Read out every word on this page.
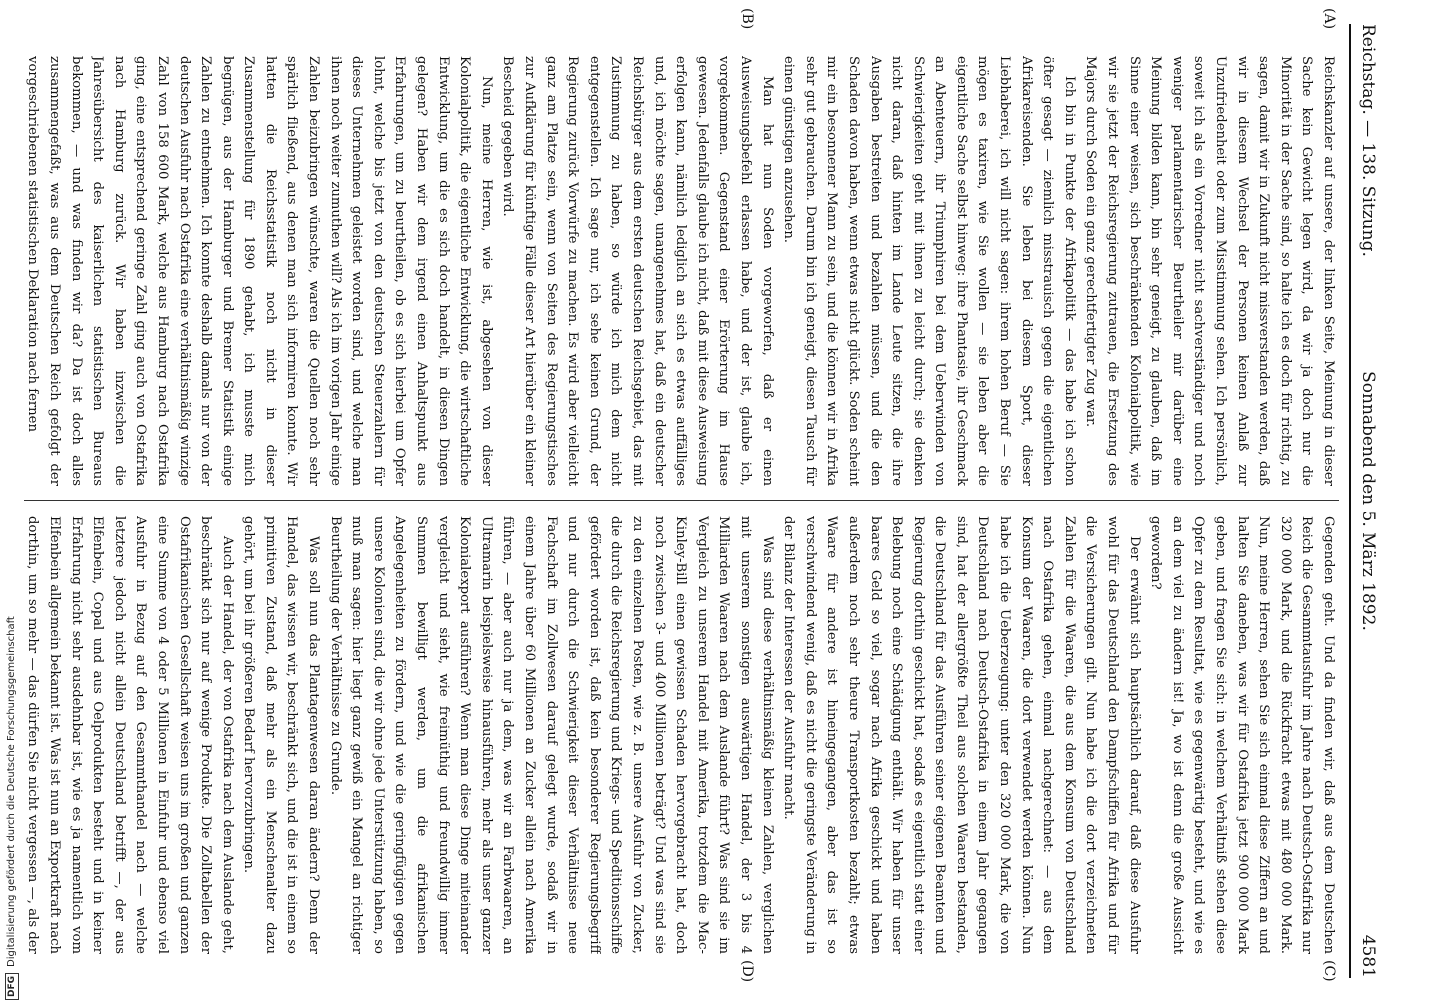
Reichstag. — 138. Sitzung.
Sonnabend den 5. März 1892.
4581
(A)
(B)
(C)
(D)

Reichskanzler auf unsere, der linken Seite, Meinung in dieser Sache kein Gewicht legen wird, da wir ja doch nur die Minorität in der Sache sind, so halte ich es doch für richtig, zu sagen, damit wir in Zukunft nicht missverstanden werden, daß wir in diesem Wechsel der Personen keinen Anlaß zur Unzufriedenheit oder zum Misstimmung sehen. Ich persönlich, soweit ich als ein Vorredner nicht sachverständiger und noch weniger parlamentarischer Beurtheiler mir darüber eine Meinung bilden kann, bin sehr geneigt, zu glauben, daß im Sinne einer weisen, sich beschränkenden Kolonialpolitik, wie wir sie jetzt der Reichsregierung zutrauen, die Ersetzung des Majors durch Soden ein ganz gerechtfertigter Zug war.

Ich bin in Punkte der Afrikapolitik — das habe ich schon öfter gesagt — ziemlich misstrauisch gegen die eigentlichen Afrikareisenden. Sie leben bei diesem Sport, dieser Liebhaberei, ich will nicht sagen: ihrem hohen Beruf — Sie mögen es taxiren, wie Sie wollen — sie leben aber die eigentliche Sache selbst hinweg: ihre Phantasie, ihr Geschmack an Abenteuern, ihr Triumphiren bei dem Ueberwinden von Schwierigkeiten geht mit ihnen zu leicht durch; sie denken nicht daran, daß hinten im Lande Leute sitzen, die ihre Ausgaben bestreiten und bezahlen müssen, und die den Schaden davon haben, wenn etwas nicht glückt. Soden scheint mir ein besonnener Mann zu sein, und die können wir in Afrika sehr gut gebrauchen. Darum bin ich geneigt, diesen Tausch für einen günstigen anzusehen.

Man hat nun Soden vorgeworfen, daß er einen Ausweisungsbefehl erlassen habe, und der ist, glaube ich, vorgekommen. Gegenstand einer Erörterung im Hause gewesen. Jedenfalls glaube ich nicht, daß mit diese Ausweisung erfolgen kann, nämlich lediglich an sich es etwas auffälliges und, ich möchte sagen, unangenehmes hat, daß ein deutscher Reichsbürger aus dem ersten deutschen Reichsgebiet, das mit Zustimmung zu haben, so würde ich mich dem nicht entgegenstellen. Ich sage nur, ich sehe keinen Grund, der Regierung zurück Vorwürfe zu machen. Es wird aber vielleicht ganz am Platze sein, wenn von Seiten des Regierungstisches zur Aufklärung für künftige Fälle dieser Art hierüber ein kleiner Bescheid gegeben wird.

Nun, meine Herren, wie ist, abgesehen von dieser Kolonialpolitik, die eigentliche Entwicklung, die wirtschaftliche Entwicklung, um die es sich doch handelt, in diesen Dingen gelegen? Haben wir dem irgend einen Anhaltspunkt aus Erfahrungen, um zu beurtheilen, ob es sich hierbei um Opfer lohnt, welche bis jetzt von den deutschen Steuerzahlern für dieses Unternehmen geleistet worden sind, und welche man ihnen noch weiter zumuthen will? Als ich im vorigen Jahr einige Zahlen beizubringen wünschte, waren die Quellen noch sehr spärlich fließend, aus denen man sich informiren konnte. Wir hatten die Reichsstatistik noch nicht in dieser Zusammenstellung für 1890 gehabt, ich musste mich begnügen, aus der Hamburger und Bremer Statistik einige Zahlen zu entnehmen. Ich konnte deshalb damals nur von der deutschen Ausfuhr nach Ostafrika eine verhältnismäßig winzige Zahl von 158 600 Mark, welche aus Hamburg nach Ostafrika ging, eine entsprechend geringe Zahl ging auch von Ostafrika nach Hamburg zurück. Wir haben inzwischen die Jahresübersicht des kaiserlichen statistischen Bureaus bekommen, — und was finden wir da? Da ist doch alles zusammengefaßt, was aus dem Deutschen Reich gefolgt der vorgeschriebenen statistischen Deklaration nach fernen

Gegenden geht. Und da finden wir, daß aus dem Deutschen Reich die Gesammtausfuhr im Jahre nach Deutsch-Ostafrika nur 320 000 Mark, und die Rückfracht etwas mit 480 000 Mark. Nun, meine Herren, sehen Sie sich einmal diese Ziffern an und halten Sie daneben, was wir für Ostafrika jetzt 900 000 Mark geben, und fragen Sie sich: in welchem Verhältniß stehen diese Opfer zu dem Resultat, wie es gegenwärtig besteht, und wie es an dem viel zu ändern ist! Ja, wo ist denn die große Aussicht geworden?

Der erwähnt sich hauptsächlich darauf, daß diese Ausfuhr wohl für das Deutschland den Dampfschiffen für Afrika und für die Versicherungen gilt. Nun habe ich die dort verzeichneten Zahlen für die Waaren, die aus dem Konsum von Deutschland nach Ostafrika gehen, einmal nachgerechnet: — aus dem Konsum der Waaren, die dort verwendet werden können. Nun habe ich die Ueberzeugung: unter den 320 000 Mark, die von Deutschland nach Deutsch-Ostafrika in einem Jahr gegangen sind, hat der allergrößte Theil aus solchen Waaren bestanden, die Deutschland für das Ausführen seiner eigenen Beamten und Regierung dorthin geschickt hat, sodaß es eigentlich statt einer Belebung noch eine Schädigung enthält. Wir haben für unser baares Geld so viel, sogar nach Afrika geschickt und haben außerdem noch sehr theure Transportkosten bezahlt; etwas Waare für andere ist hineingegangen, aber das ist so verschwindend wenig, daß es nicht die geringste Veränderung in der Bilanz der Interessen der Ausfuhr macht.

Was sind diese verhältnismäßig kleinen Zahlen, verglichen mit unserem sonstigen auswärtigen Handel, der 3 bis 4 Milliarden Waaren nach dem Auslande führt? Was sind sie im Vergleich zu unserem Handel mit Amerika, trotzdem die Mac-Kinley-Bill einen gewissen Schaden hervorgebracht hat, doch noch zwischen 3- und 400 Millionen beträgt? Und was sind sie zu den einzelnen Posten, wie z. B. unsere Ausfuhr von Zucker, die durch die Reichsregierung und Kriegs- und Speditionsschiffe gefördert worden ist, daß kein besonderer Regierungsbegriff und nur durch die Schwierigkeit dieser Verhältnisse neue Fachschaft im Zollwesen darauf gelegt wurde, sodaß wir in einem Jahre über 60 Millionen an Zucker allein nach Amerika führen, — aber auch nur ja dem, was wir an Farbwaaren, an Ultramarin beispielsweise hinausführen, mehr als unser ganzer Kolonialexport ausführen? Wenn man diese Dinge miteinander vergleicht und sieht, wie freimüthig und freundwillig immer Summen bewilligt werden, um die afrikanischen Angelegenheiten zu fördern, und wie die geringfügigen gegen unsere Kolonien sind, die wir ohne jede Unterstützung haben, so muß man sagen: hier liegt ganz gewiß ein Mangel an richtiger Beurtheilung der Verhältnisse zu Grunde.

Was soll nun das Plantagenwesen daran ändern? Denn der Handel, das wissen wir, beschränkt sich, und die ist in einem so primitiven Zustand, daß mehr als ein Menschenalter dazu gehört, um bei ihr größeren Bedarf hervorzubringen.

Auch der Handel, der von Ostafrika nach dem Auslande geht, beschränkt sich nur auf wenige Produkte. Die Zolltabellen der Ostafrikanischen Gesellschaft weisen uns im großen und ganzen eine Summe von 4 oder 5 Millionen in Einfuhr und ebenso viel Ausfuhr in Bezug auf den Gesammthandel nach — welche letztere jedoch nicht allein Deutschland betrifft —, der aus Elfenbein, Copal und aus Oelprodukten besteht und in keiner Erfahrung nicht sehr ausdehnbar ist, wie es ja namentlich vom Elfenbein allgemein bekannt ist. Was ist nun an Exportkraft nach dorthin, um so mehr — das dürfen Sie nicht vergessen —, als der

DFGDigitalisierung gefördert durch die Deutsche Forschungsgemeinschaft
